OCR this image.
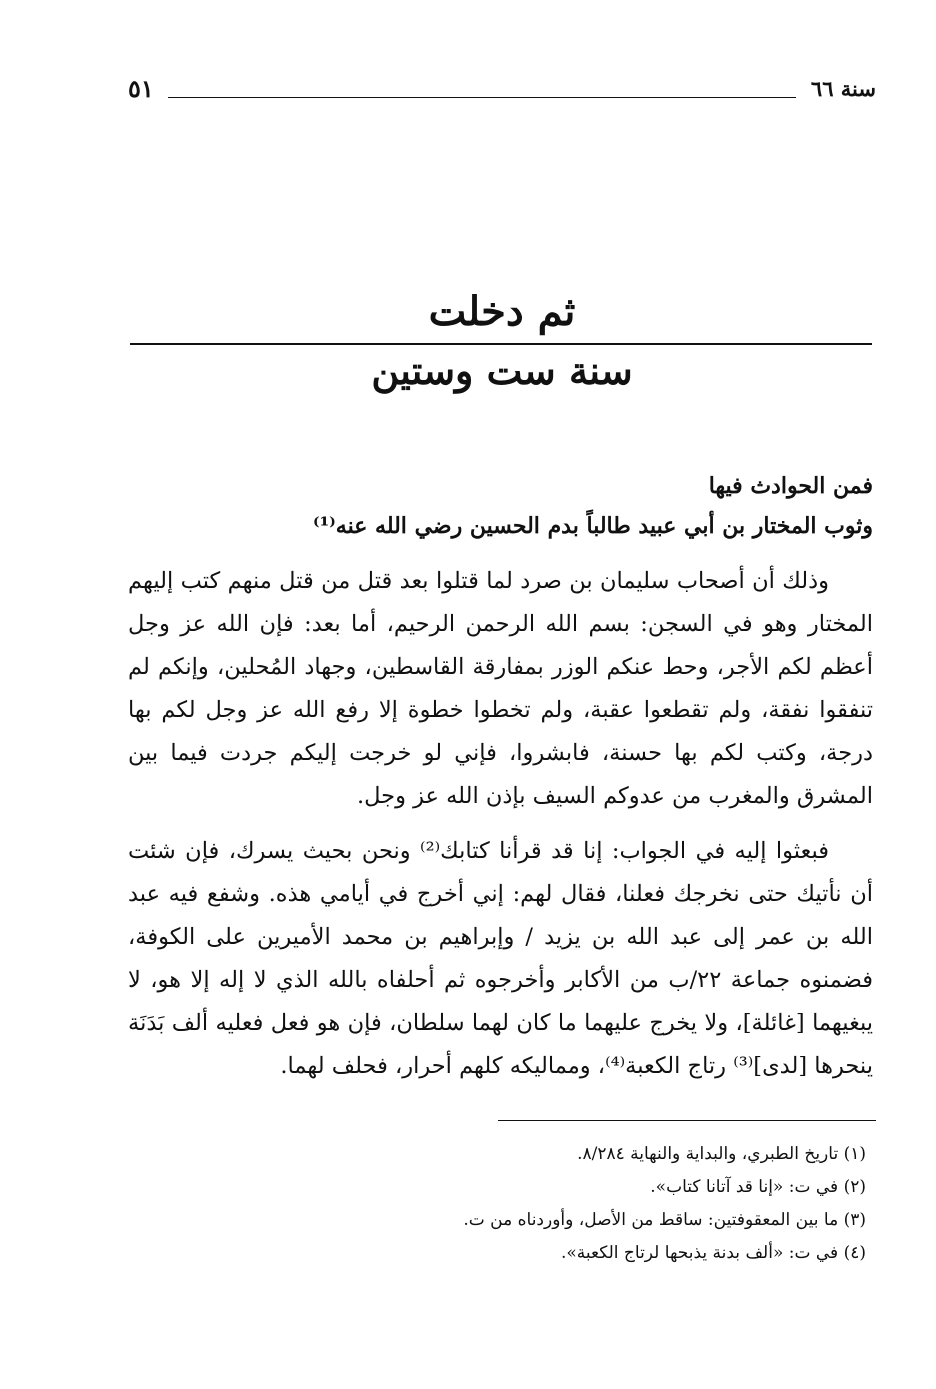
سنة ٦٦
٥١
ثم دخلت
سنة ست وستين
فمن الحوادث فيها
وثوب المختار بن أبي عبيد طالباً بدم الحسين رضي الله عنه⁽¹⁾

وذلك أن أصحاب سليمان بن صرد لما قتلوا بعد قتل من قتل منهم كتب إليهم المختار وهو في السجن: بسم الله الرحمن الرحيم، أما بعد: فإن الله عز وجل أعظم لكم الأجر، وحط عنكم الوزر بمفارقة القاسطين، وجهاد المُحلين، وإنكم لم تنفقوا نفقة، ولم تقطعوا عقبة، ولم تخطوا خطوة إلا رفع الله عز وجل لكم بها درجة، وكتب لكم بها حسنة، فابشروا، فإني لو خرجت إليكم جردت فيما بين المشرق والمغرب من عدوكم السيف بإذن الله عز وجل.

فبعثوا إليه في الجواب: إنا قد قرأنا كتابك⁽²⁾ ونحن بحيث يسرك، فإن شئت أن نأتيك حتى نخرجك فعلنا، فقال لهم: إني أخرج في أيامي هذه. وشفع فيه عبد الله بن عمر إلى عبد الله بن يزيد / وإبراهيم بن محمد الأميرين على الكوفة، فضمنوه جماعة ٢٢/ب من الأكابر وأخرجوه ثم أحلفاه بالله الذي لا إله إلا هو، لا يبغيهما [غائلة]، ولا يخرج عليهما ما كان لهما سلطان، فإن هو فعل فعليه ألف بَدَنَة ينحرها [لدى]⁽³⁾ رتاج الكعبة⁽⁴⁾، ومماليكه كلهم أحرار، فحلف لهما.

(١) تاريخ الطبري، والبداية والنهاية ٨/٢٨٤.
(٢) في ت: «إنا قد آتانا كتاب».
(٣) ما بين المعقوفتين: ساقط من الأصل، وأوردناه من ت.
(٤) في ت: «ألف بدنة يذبحها لرتاج الكعبة».
